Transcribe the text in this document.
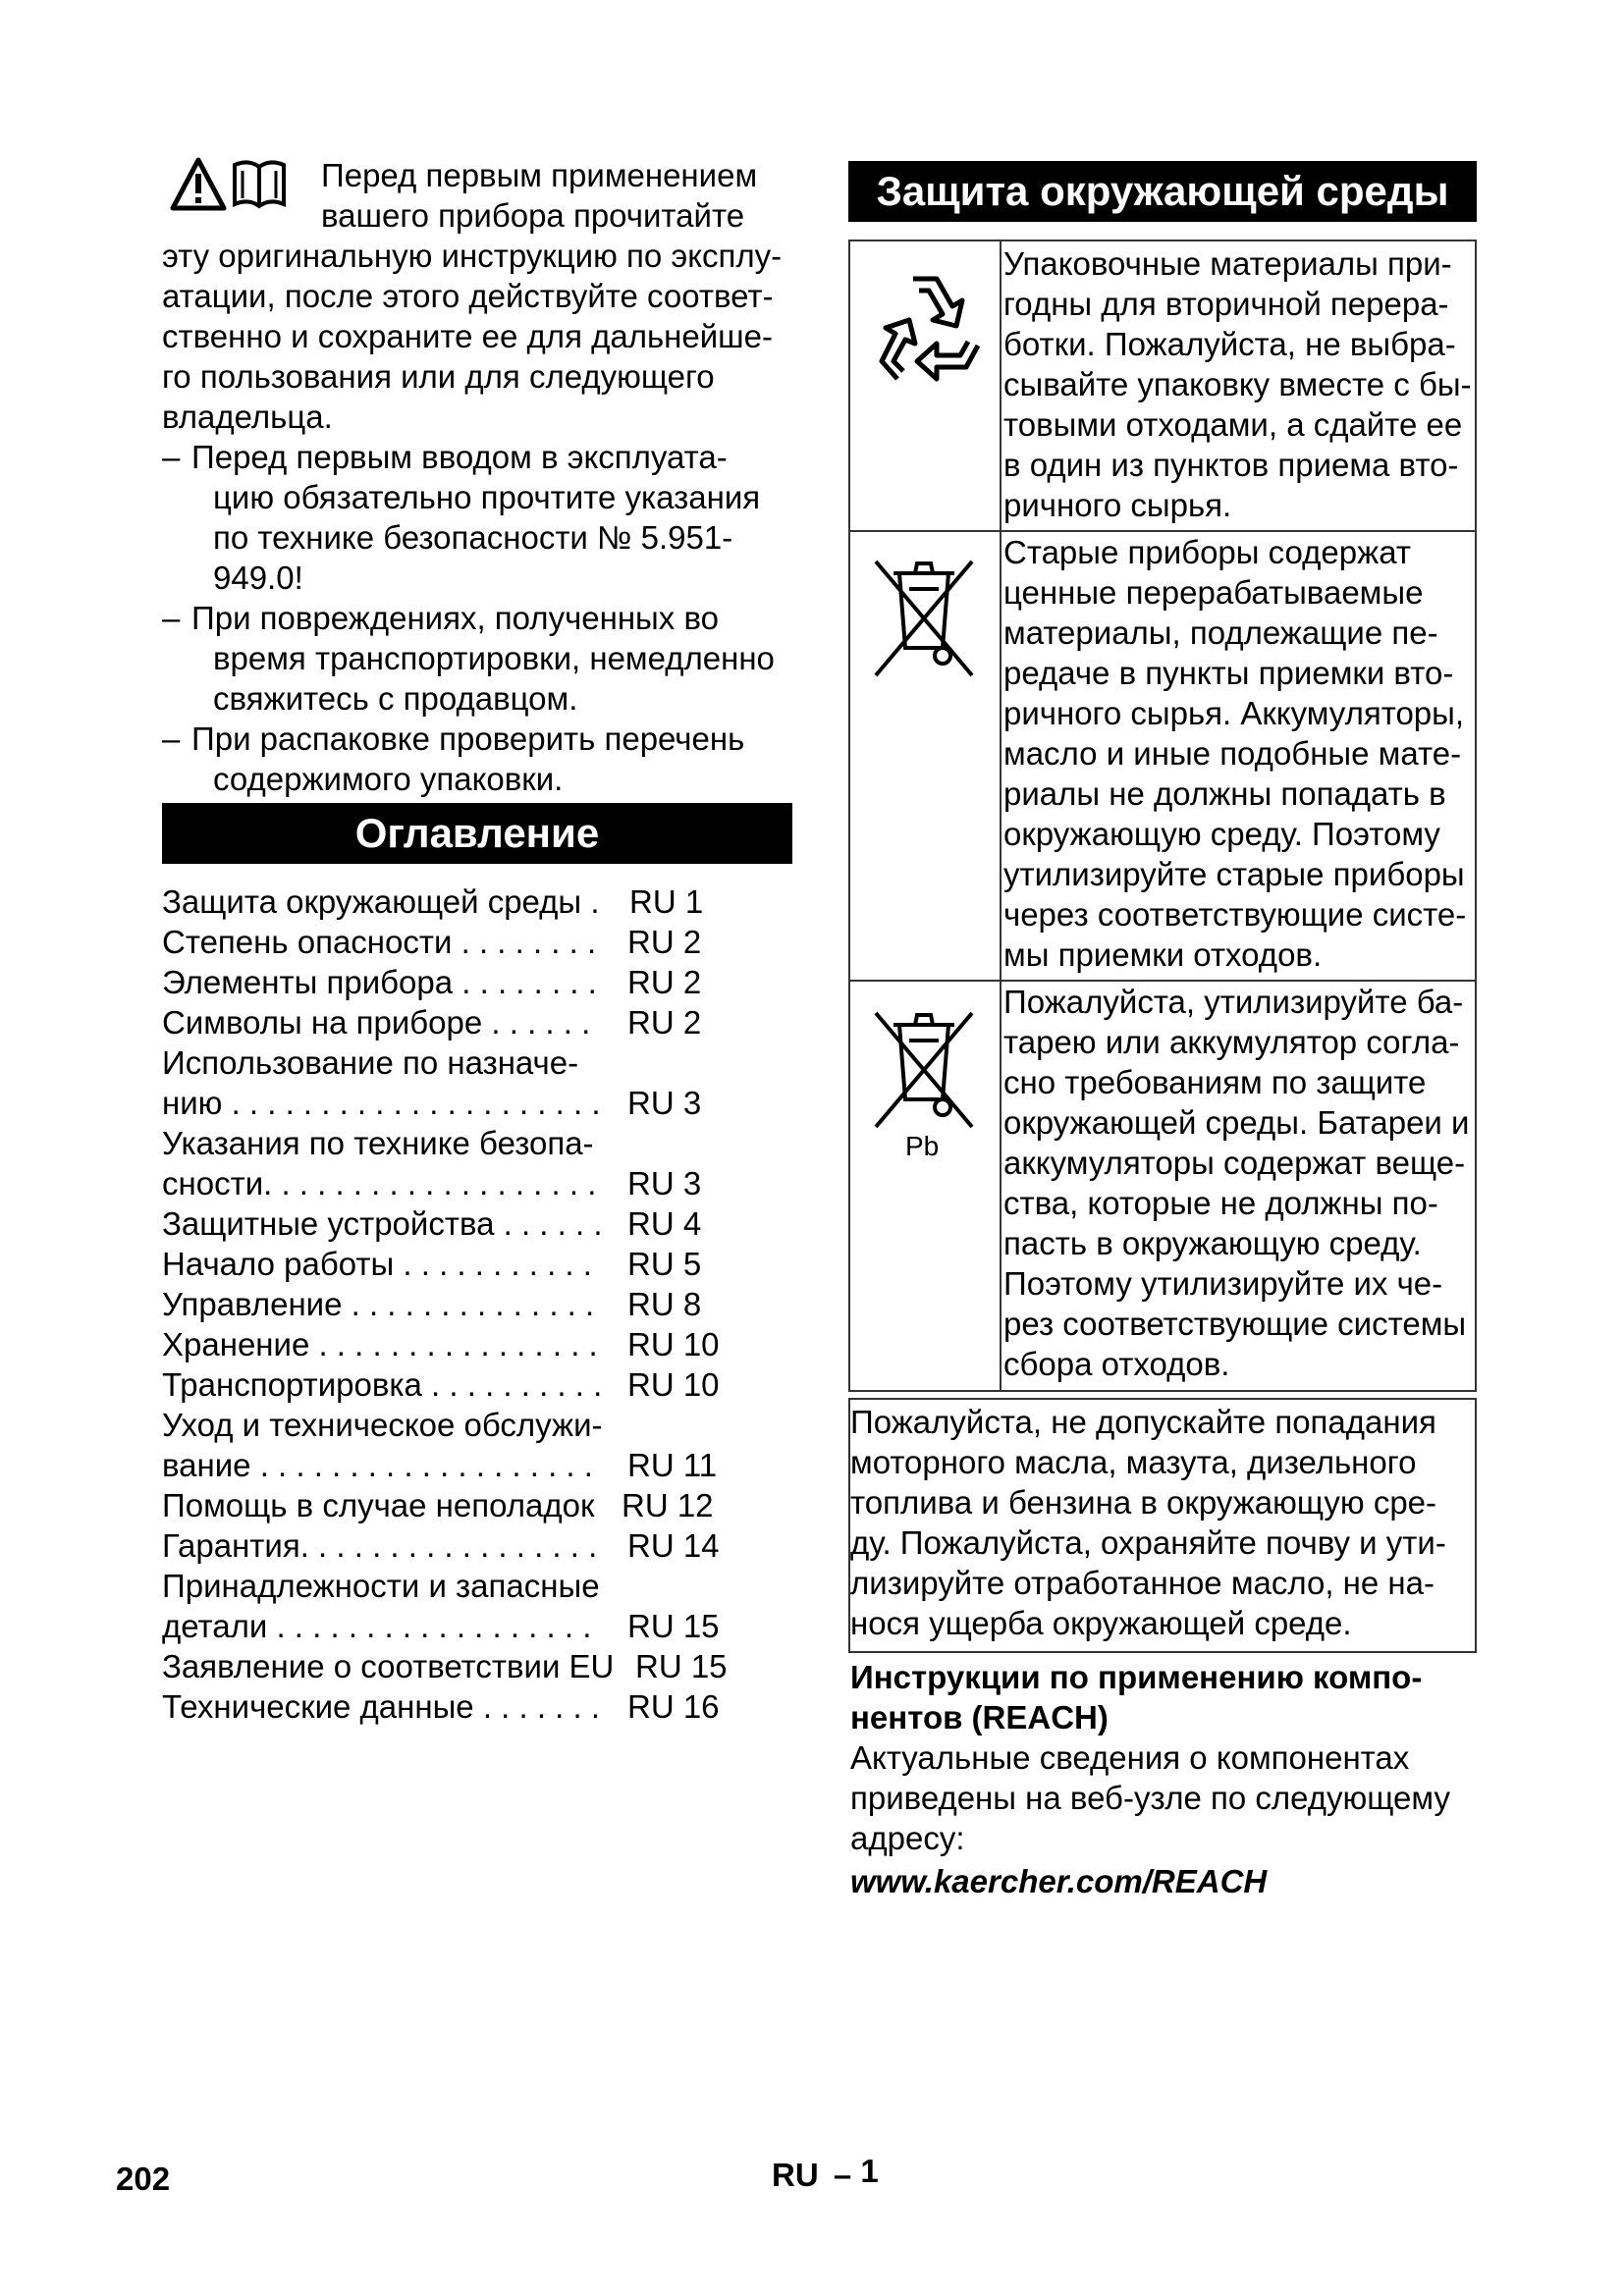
Перед первым применением
вашего прибора прочитайте
эту оригинальную инструкцию по эксплу-
атации, после этого действуйте соответ-
ственно и сохраните ее для дальнейше-
го пользования или для следующего
владельца.
– Перед первым вводом в эксплуата-
цию обязательно прочтите указания
по технике безопасности № 5.951-
949.0!
– При повреждениях, полученных во
время транспортировки, немедленно
свяжитесь с продавцом.
– При распаковке проверить перечень
содержимого упаковки.
Оглавление
Защита окружающей среды . RU 1
Степень опасности . . . . . . . . RU 2
Элементы прибора . . . . . . . . RU 2
Символы на приборе . . . . . . RU 2
Использование по назначе-
нию . . . . . . . . . . . . . . . . . . . . . RU 3
Указания по технике безопа-
сности. . . . . . . . . . . . . . . . . . . RU 3
Защитные устройства . . . . . . RU 4
Начало работы . . . . . . . . . . . RU 5
Управление . . . . . . . . . . . . . . RU 8
Хранение . . . . . . . . . . . . . . . . RU 10
Транспортировка . . . . . . . . . . RU 10
Уход и техническое обслужи-
вание . . . . . . . . . . . . . . . . . . . RU 11
Помощь в случае неполадок RU 12
Гарантия. . . . . . . . . . . . . . . . . RU 14
Принадлежности и запасные
детали . . . . . . . . . . . . . . . . . . RU 15
Заявление о соответствии EU RU 15
Технические данные . . . . . . . RU 16
Защита окружающей среды
Упаковочные материалы при-
годны для вторичной перера-
ботки. Пожалуйста, не выбра-
сывайте упаковку вместе с бы-
товыми отходами, а сдайте ее
в один из пунктов приема вто-
ричного сырья.
Старые приборы содержат
ценные перерабатываемые
материалы, подлежащие пе-
редаче в пункты приемки вто-
ричного сырья. Аккумуляторы,
масло и иные подобные мате-
риалы не должны попадать в
окружающую среду. Поэтому
утилизируйте старые приборы
через соответствующие систе-
мы приемки отходов.
Pb
Пожалуйста, утилизируйте ба-
тарею или аккумулятор согла-
сно требованиям по защите
окружающей среды. Батареи и
аккумуляторы содержат веще-
ства, которые не должны по-
пасть в окружающую среду.
Поэтому утилизируйте их че-
рез соответствующие системы
сбора отходов.
Пожалуйста, не допускайте попадания
моторного масла, мазута, дизельного
топлива и бензина в окружающую сре-
ду. Пожалуйста, охраняйте почву и ути-
лизируйте отработанное масло, не на-
нося ущерба окружающей среде.
Инструкции по применению компо-
нентов (REACH)
Актуальные сведения о компонентах
приведены на веб-узле по следующему
адресу:
www.kaercher.com/REACH
202	RU – 1
